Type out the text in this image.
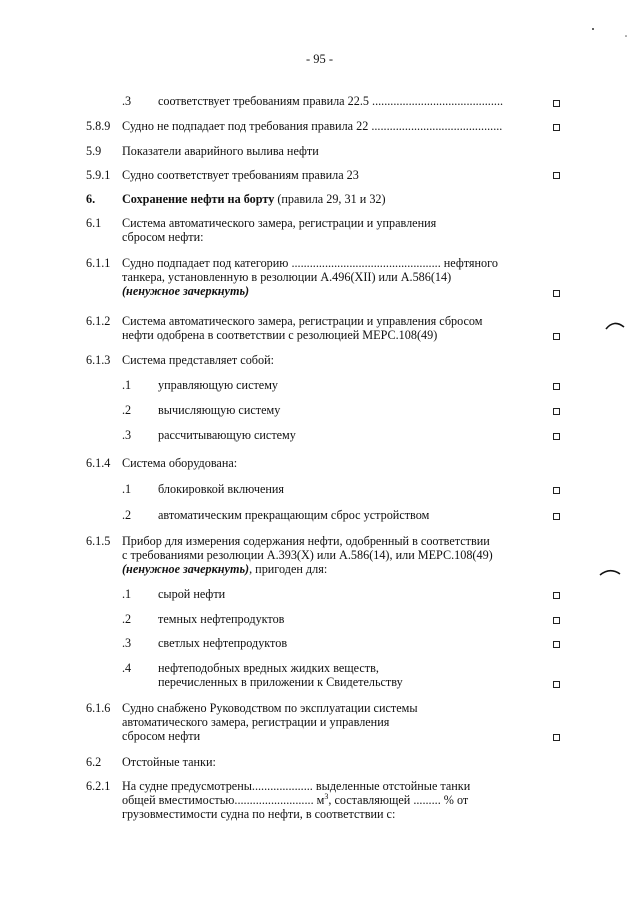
- 95 -
.3 соответствует требованиям правила 22.5 ...........................................
5.8.9 Судно не подпадает под требования правила 22 ...........................................
5.9 Показатели аварийного вылива нефти
5.9.1 Судно соответствует требованиям правила 23
6. Сохранение нефти на борту (правила 29, 31 и 32)
6.1 Система автоматического замера, регистрации и управления
сбросом нефти:
6.1.1 Судно подпадает под категорию ................................................. нефтяного
танкера, установленную в резолюции А.496(XII) или А.586(14)
(ненужное зачеркнуть)
6.1.2 Система автоматического замера, регистрации и управления сбросом
нефти одобрена в соответствии с резолюцией МЕРС.108(49)
6.1.3 Система представляет собой:
.1 управляющую систему
.2 вычисляющую систему
.3 рассчитывающую систему
6.1.4 Система оборудована:
.1 блокировкой включения
.2 автоматическим прекращающим сброс устройством
6.1.5 Прибор для измерения содержания нефти, одобренный в соответствии
с требованиями резолюции А.393(X) или А.586(14), или МЕРС.108(49)
(ненужное зачеркнуть), пригоден для:
.1 сырой нефти
.2 темных нефтепродуктов
.3 светлых нефтепродуктов
.4 нефтеподобных вредных жидких веществ,
перечисленных в приложении к Свидетельству
6.1.6 Судно снабжено Руководством по эксплуатации системы
автоматического замера, регистрации и управления
сбросом нефти
6.2 Отстойные танки:
6.2.1 На судне предусмотрены.................... выделенные отстойные танки
общей вместимостью.......................... $м^3$, составляющей ......... % от
грузовместимости судна по нефти, в соответствии с:
